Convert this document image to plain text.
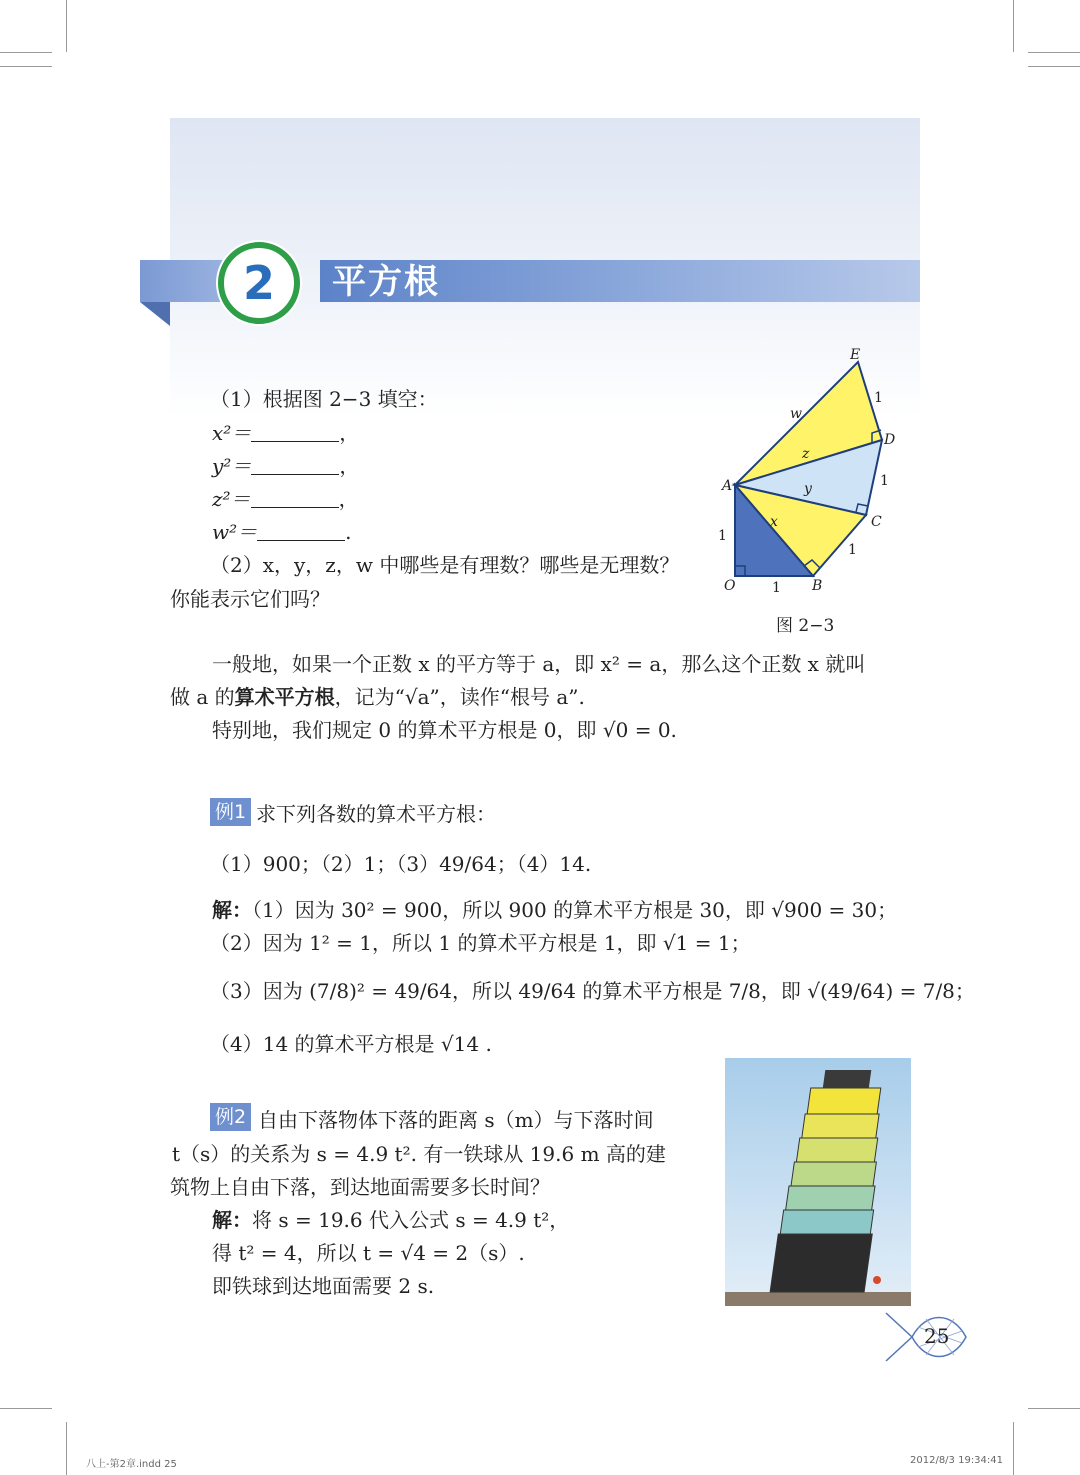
2	平方根
（1）根据图 2−3 填空：
x²＝	，
y²＝	，
z²＝	，
w²＝	.
（2）x，y，z，w 中哪些是有理数？哪些是无理数？
你能表示它们吗？
E
D
C
A
O	B
w
z
y
x
1
1
1
1
1
图 2−3
一般地，如果一个正数 x 的平方等于 a，即 x² = a，那么这个正数 x 就叫
做 a 的算术平方根，记为“√a”，读作“根号 a”.
特别地，我们规定 0 的算术平方根是 0，即 √0 = 0.
例1 求下列各数的算术平方根：
（1）900；（2）1；（3）49/64；（4）14.
解：（1）因为 30² = 900，所以 900 的算术平方根是 30，即 √900 = 30；
（2）因为 1² = 1，所以 1 的算术平方根是 1，即 √1 = 1；
（3）因为 (7/8)² = 49/64，所以 49/64 的算术平方根是 7/8，即 √(49/64) = 7/8；
（4）14 的算术平方根是 √14 .
例2 自由下落物体下落的距离 s（m）与下落时间
t（s）的关系为 s = 4.9 t². 有一铁球从 19.6 m 高的建
筑物上自由下落，到达地面需要多长时间？
解：将 s = 19.6 代入公式 s = 4.9 t²，
得 t² = 4，所以 t = √4 = 2（s）.
即铁球到达地面需要 2 s.
25
八上-第2章.indd 25	2012/8/3 19:34:41
